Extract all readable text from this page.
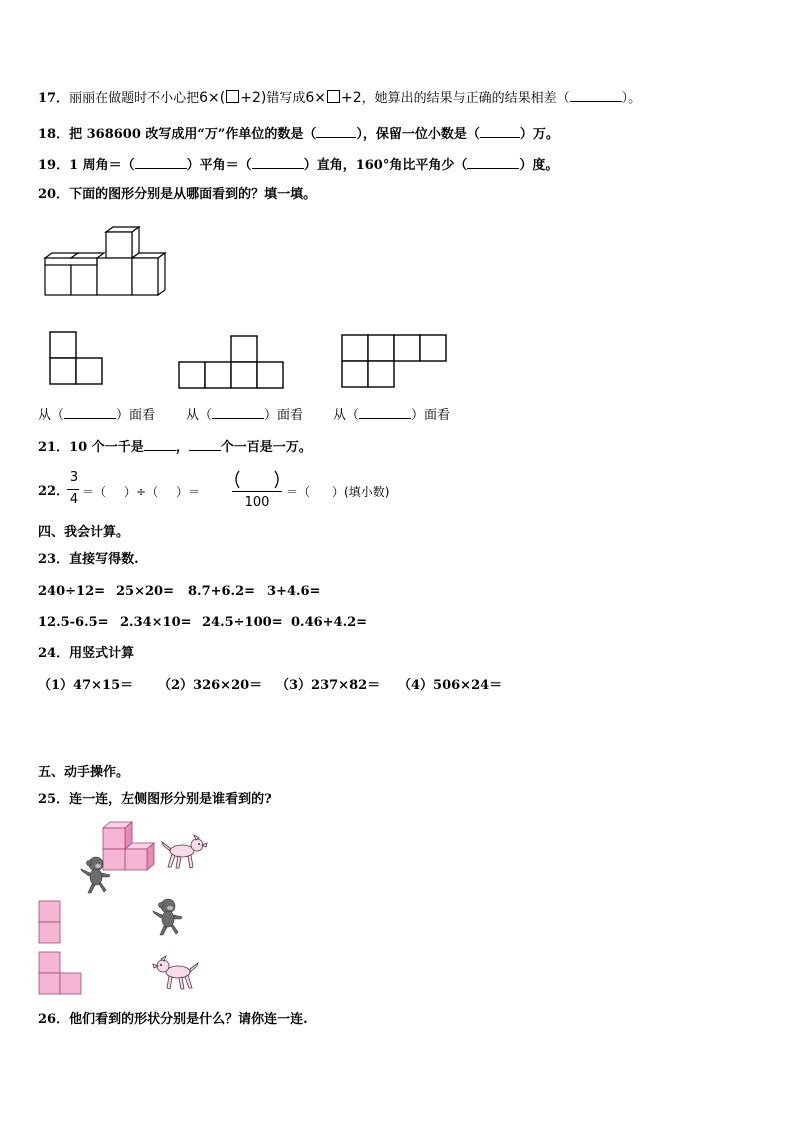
17．丽丽在做题时不小心把6×( +2)错写成6× +2，她算出的结果与正确的结果相差（	）。
18．把 368600 改写成用“万”作单位的数是（	），保留一位小数是（	）万。
19．1 周角＝（	）平角＝（	）直角，160°角比平角少（	）度。
20．下面的图形分别是从哪面看到的？填一填。
从（	）面看 从（	）面看 从（	）面看
21．10 个一千是 ， 个一百是一万。
22．
3
4 ＝（ ）÷（ ）＝
100
＝（ ）(填小数)
四、我会计算。
23．直接写得数.
240÷12= 25×20= 8.7+6.2= 3+4.6=
12.5-6.5= 2.34×10= 24.5÷100= 0.46+4.2=
24．用竖式计算
（1）47×15＝ （2）326×20＝ （3）237×82＝ （4）506×24＝
五、动手操作。
25．连一连，左侧图形分别是谁看到的?
26．他们看到的形状分别是什么？请你连一连.
